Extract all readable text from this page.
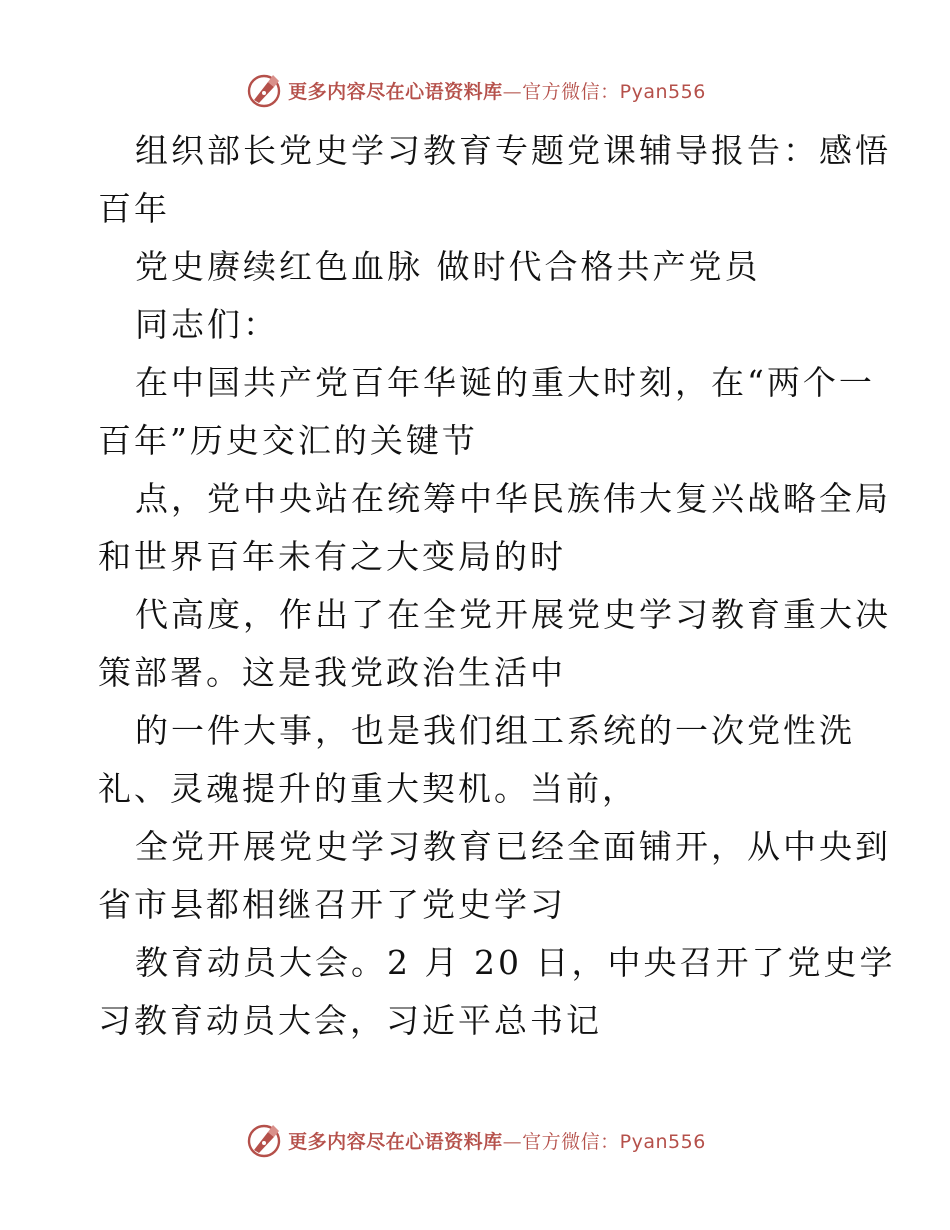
更多内容尽在心语资料库—官方微信：Pyan556

组织部长党史学习教育专题党课辅导报告：感悟
百年

党史赓续红色血脉 做时代合格共产党员

同志们：

在中国共产党百年华诞的重大时刻，在“两个一
百年”历史交汇的关键节

点，党中央站在统筹中华民族伟大复兴战略全局
和世界百年未有之大变局的时

代高度，作出了在全党开展党史学习教育重大决
策部署。这是我党政治生活中

的一件大事，也是我们组工系统的一次党性洗
礼、灵魂提升的重大契机。当前，

全党开展党史学习教育已经全面铺开，从中央到
省市县都相继召开了党史学习

教育动员大会。2 月 20 日，中央召开了党史学
习教育动员大会，习近平总书记

更多内容尽在心语资料库—官方微信：Pyan556
